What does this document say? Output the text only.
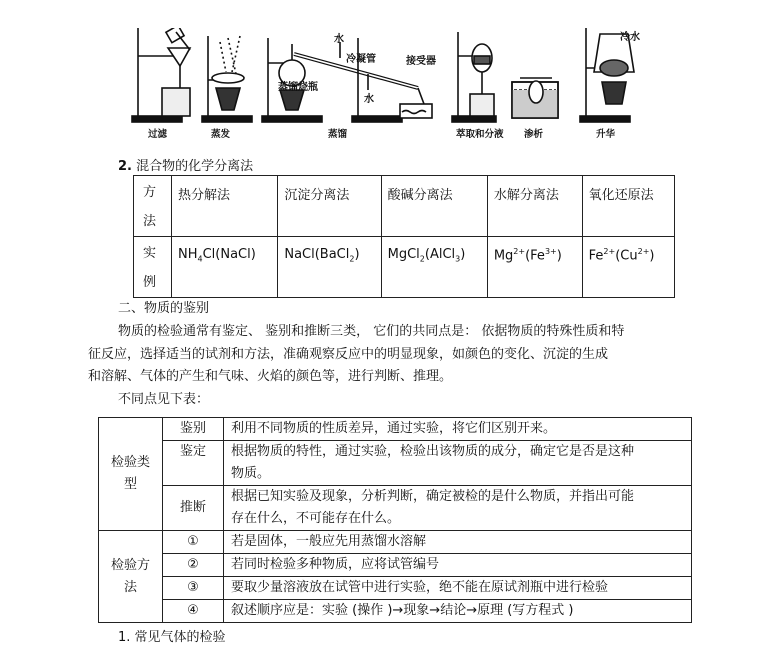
过滤	蒸发	蒸馏	萃取和分液 渗析	升华
水
冷凝管	接受器
蒸馏烧瓶
水
冷水
2. 混合物的化学分离法
方
法	热分解法	沉淀分离法	酸碱分离法	水解分离法	氧化还原法

实
例	$NH_4Cl(NaCl)$	NaCl(BaCl$_2$)	MgCl$_2$(AlCl$_3$)	$Mg^{2+}(Fe^{3+})$	$Fe^{2+}(Cu^{2+})$
二、物质的鉴别
物质的检验通常有鉴定、 鉴别和推断三类， 它们的共同点是： 依据物质的特殊性质和特
征反应，选择适当的试剂和方法，准确观察反应中的明显现象，如颜色的变化、沉淀的生成
和溶解、气体的产生和气味、火焰的颜色等，进行判断、推理。
不同点见下表：
检验类
型	鉴别	利用不同物质的性质差异，通过实验，将它们区别开来。

	鉴定	根据物质的特性，通过实验，检验出该物质的成分，确定它是否是这种
物质。

	推断	根据已知实验及现象，分析判断，确定被检的是什么物质，并指出可能
存在什么，不可能存在什么。

检验方
法	①	若是固体，一般应先用蒸馏水溶解
	②	若同时检验多种物质，应将试管编号
	③	要取少量溶液放在试管中进行实验，绝不能在原试剂瓶中进行检验
	④	叙述顺序应是：实验 (操作 )→现象→结论→原理 (写方程式 )
1. 常见气体的检验
